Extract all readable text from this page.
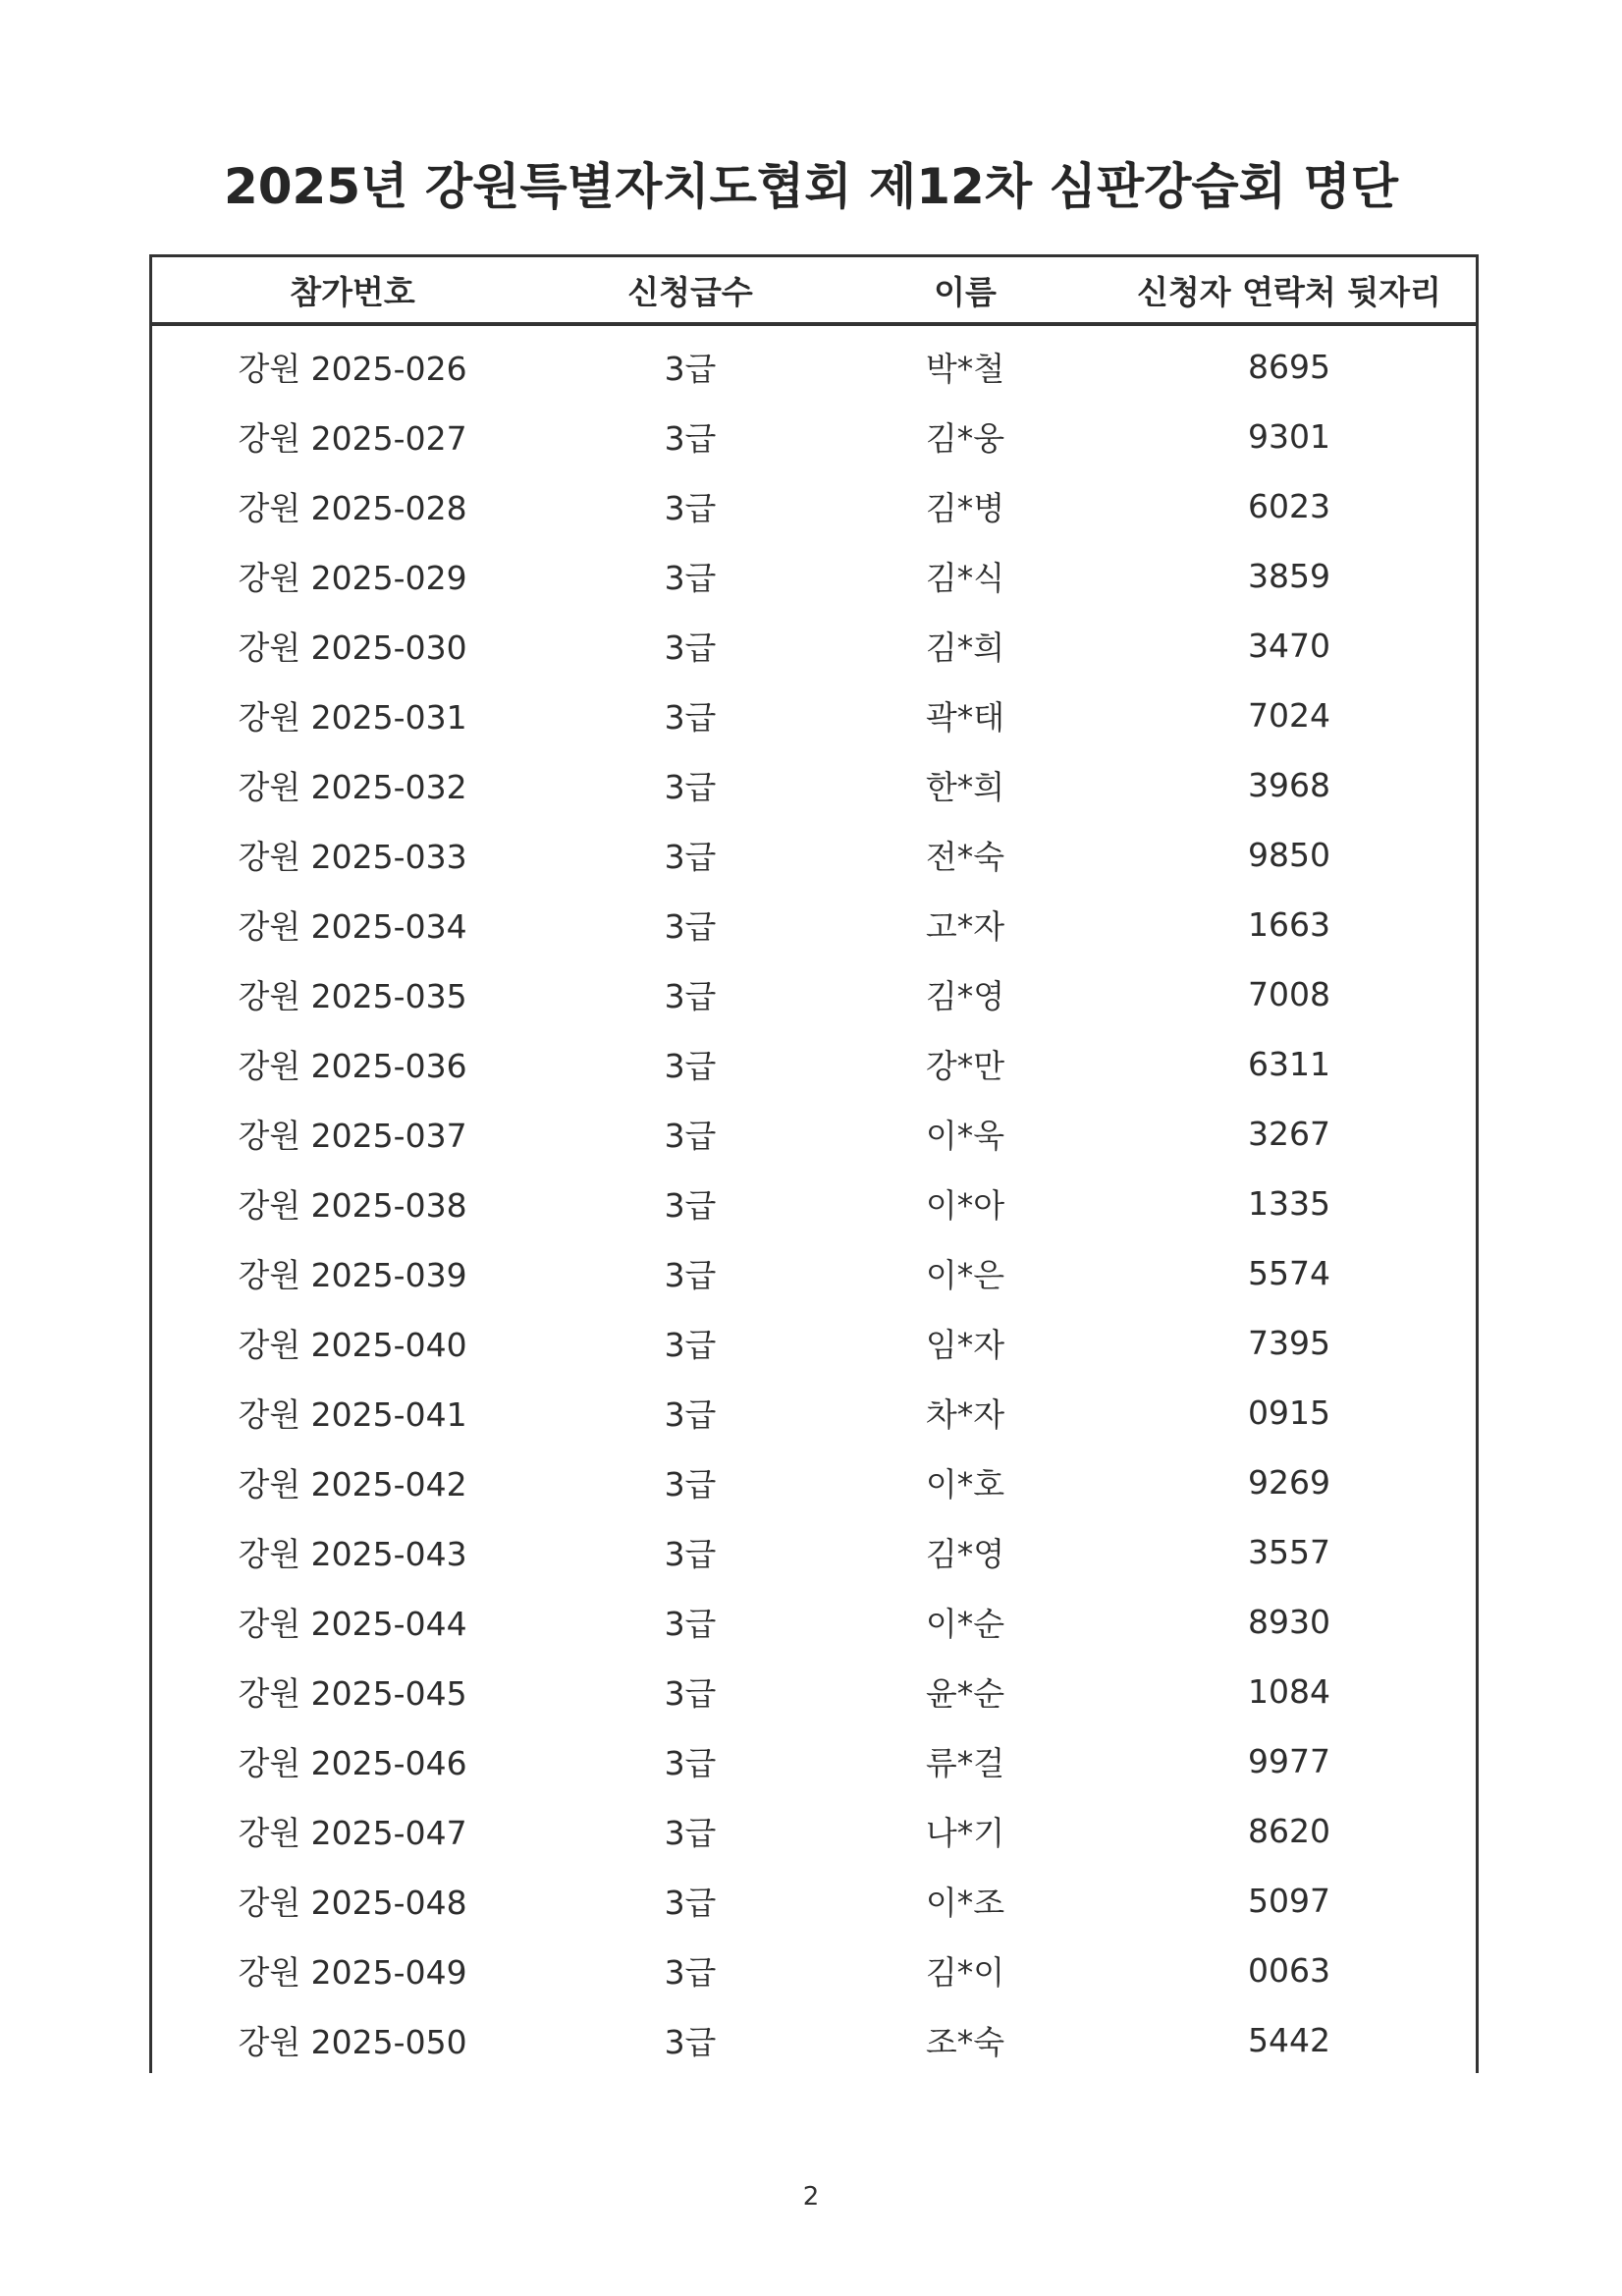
2025년 강원특별자치도협회 제12차 심판강습회 명단
참가번호	신청급수	이름	신청자 연락처 뒷자리
강원 2025-026	3급	박*철	8695
강원 2025-027	3급	김*웅	9301
강원 2025-028	3급	김*병	6023
강원 2025-029	3급	김*식	3859
강원 2025-030	3급	김*희	3470
강원 2025-031	3급	곽*태	7024
강원 2025-032	3급	한*희	3968
강원 2025-033	3급	전*숙	9850
강원 2025-034	3급	고*자	1663
강원 2025-035	3급	김*영	7008
강원 2025-036	3급	강*만	6311
강원 2025-037	3급	이*욱	3267
강원 2025-038	3급	이*아	1335
강원 2025-039	3급	이*은	5574
강원 2025-040	3급	임*자	7395
강원 2025-041	3급	차*자	0915
강원 2025-042	3급	이*호	9269
강원 2025-043	3급	김*영	3557
강원 2025-044	3급	이*순	8930
강원 2025-045	3급	윤*순	1084
강원 2025-046	3급	류*걸	9977
강원 2025-047	3급	나*기	8620
강원 2025-048	3급	이*조	5097
강원 2025-049	3급	김*이	0063
강원 2025-050	3급	조*숙	5442
2
